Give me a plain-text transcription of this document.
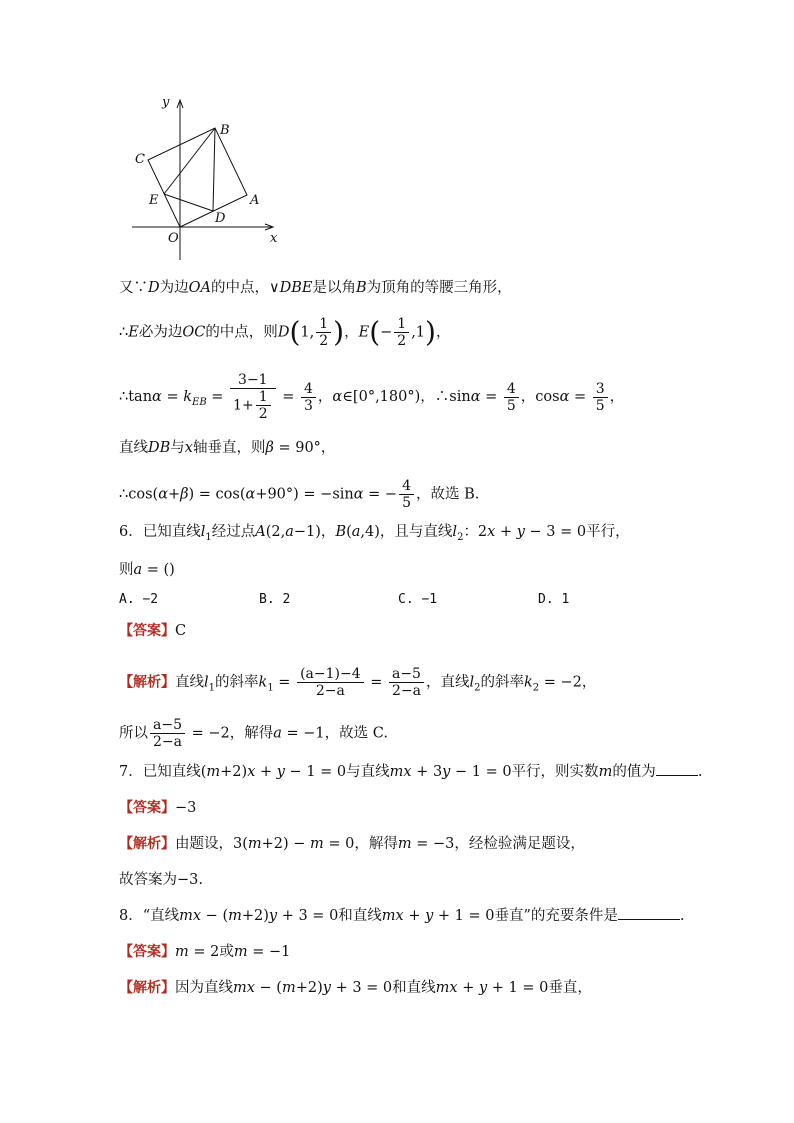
y
x
O
B
C
A
E
D
又∵D为边OA的中点，∨DBE是以角B为顶角的等腰三角形，
∴E必为边OC的中点，则D(1, $\frac{1}{2}$ )，$E(- \frac{1}{2} ,1)$，
∴tanα = $k_{EB} = \frac{3-1}{1+ \frac{1}{2}} = \frac{4}{3}$ ，α∈[0°,180°)，∴sinα = $\frac{4}{5}$ ，$\cos\alpha = \frac{3}{5}$ ，
直线DB与x轴垂直，则β = 90°，
∴cos(α+β) = cos(α+90°) = −sinα = − $\frac{4}{5}$ ，故选 B.
6．已知直线$l_1$经过点A(2,a−1)，B(a,4)，且与直线$l_2$：2x + y − 3 = 0平行，
则a = ()
A. −2	B. 2	C. −1	D. 1
【答案】C
【解析】直线$l_1$的斜率$k_1 = \frac{(a-1)-4}{2-a} = \frac{a-5}{2-a}$ ，直线$l_2$的斜率$k_2 = -2$，
所以 $\frac{a-5}{2-a} = -2$，解得a = −1，故选 C.
7．已知直线(m+2)x + y − 1 = 0与直线mx + 3y − 1 = 0平行，则实数m的值为	.
【答案】−3
【解析】由题设，3(m+2) − m = 0，解得m = −3，经检验满足题设，
故答案为−3.
8．“直线mx − (m+2)y + 3 = 0和直线mx + y + 1 = 0垂直”的充要条件是	.
【答案】m = 2或m = −1
【解析】因为直线mx − (m+2)y + 3 = 0和直线mx + y + 1 = 0垂直，
